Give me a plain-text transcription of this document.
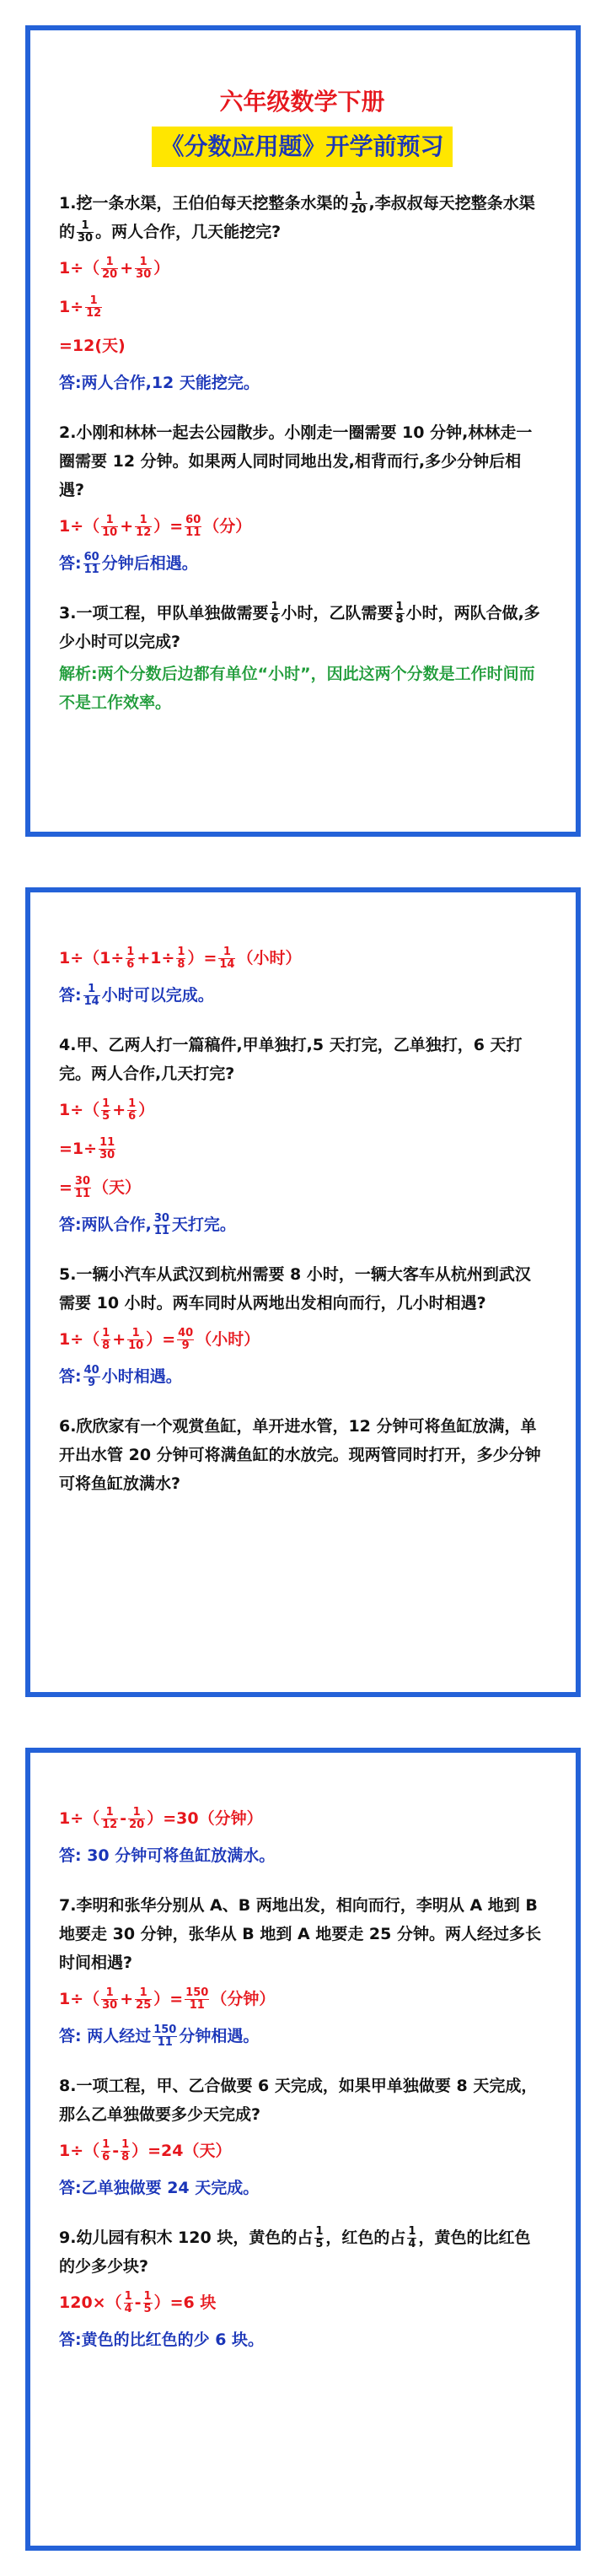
六年级数学下册
《分数应用题》开学前预习
1.挖一条水渠，王伯伯每天挖整条水渠的 $\frac{1}{20}$ ,李叔叔每天挖整条水渠的 $\frac{1}{30}$ 。两人合作，几天能挖完?
$1\div( \frac{1}{20} + \frac{1}{30}$ ）
$1\div \frac{1}{12}$
=12(天)
答:两人合作,12 天能挖完。
2.小刚和林林一起去公园散步。小刚走一圈需要 10 分钟,林林走一圈需要 12 分钟。如果两人同时同地出发,相背而行,多少分钟后相遇?
$1\div( \frac{1}{10} + \frac{1}{12}$ ）= $\frac{60}{11}$ （分）
答: $\frac{60}{11}$ 分钟后相遇。
3.一项工程，甲队单独做需要 $\frac{1}{6}$ 小时，乙队需要 $\frac{1}{8}$ 小时，两队合做,多少小时可以完成?
解析:两个分数后边都有单位“小时”，因此这两个分数是工作时间而不是工作效率。
$1\div(1\div \frac{1}{6} +1\div \frac{1}{8}$ ）= $\frac{1}{14}$ （小时）
答: $\frac{1}{14}$ 小时可以完成。
4.甲、乙两人打一篇稿件,甲单独打,5 天打完，乙单独打，6 天打完。两人合作,几天打完?
$1\div( \frac{1}{5} + \frac{1}{6}$ ）
$=1\div \frac{11}{30}$
= $\frac{30}{11}$ （天）
答:两队合作, $\frac{30}{11}$ 天打完。
5.一辆小汽车从武汉到杭州需要 8 小时，一辆大客车从杭州到武汉需要 10 小时。两车同时从两地出发相向而行，几小时相遇?
$1\div( \frac{1}{8} + \frac{1}{10}$ ）= $\frac{40}{9}$ （小时）
答: $\frac{40}{9}$ 小时相遇。
6.欣欣家有一个观赏鱼缸，单开进水管，12 分钟可将鱼缸放满，单开出水管 20 分钟可将满鱼缸的水放完。现两管同时打开，多少分钟可将鱼缸放满水?
$1\div( \frac{1}{12} - \frac{1}{20} )=30$（分钟）
答: 30 分钟可将鱼缸放满水。
7.李明和张华分别从 A、B 两地出发，相向而行，李明从 A 地到 B 地要走 30 分钟，张华从 B 地到 A 地要走 25 分钟。两人经过多长时间相遇?
$1\div( \frac{1}{30} + \frac{1}{25}$ ）= $\frac{150}{11}$ （分钟）
答: 两人经过 $\frac{150}{11}$ 分钟相遇。
8.一项工程，甲、乙合做要 6 天完成，如果甲单独做要 8 天完成，那么乙单独做要多少天完成?
$1\div( \frac{1}{6} - \frac{1}{8} )=24$（天）
答:乙单独做要 24 天完成。
9.幼儿园有积木 120 块，黄色的占 $\frac{1}{5}$ ，红色的占 $\frac{1}{4}$ ，黄色的比红色的少多少块?
$120\times( \frac{1}{4} - \frac{1}{5} )=6$ 块
答:黄色的比红色的少 6 块。
